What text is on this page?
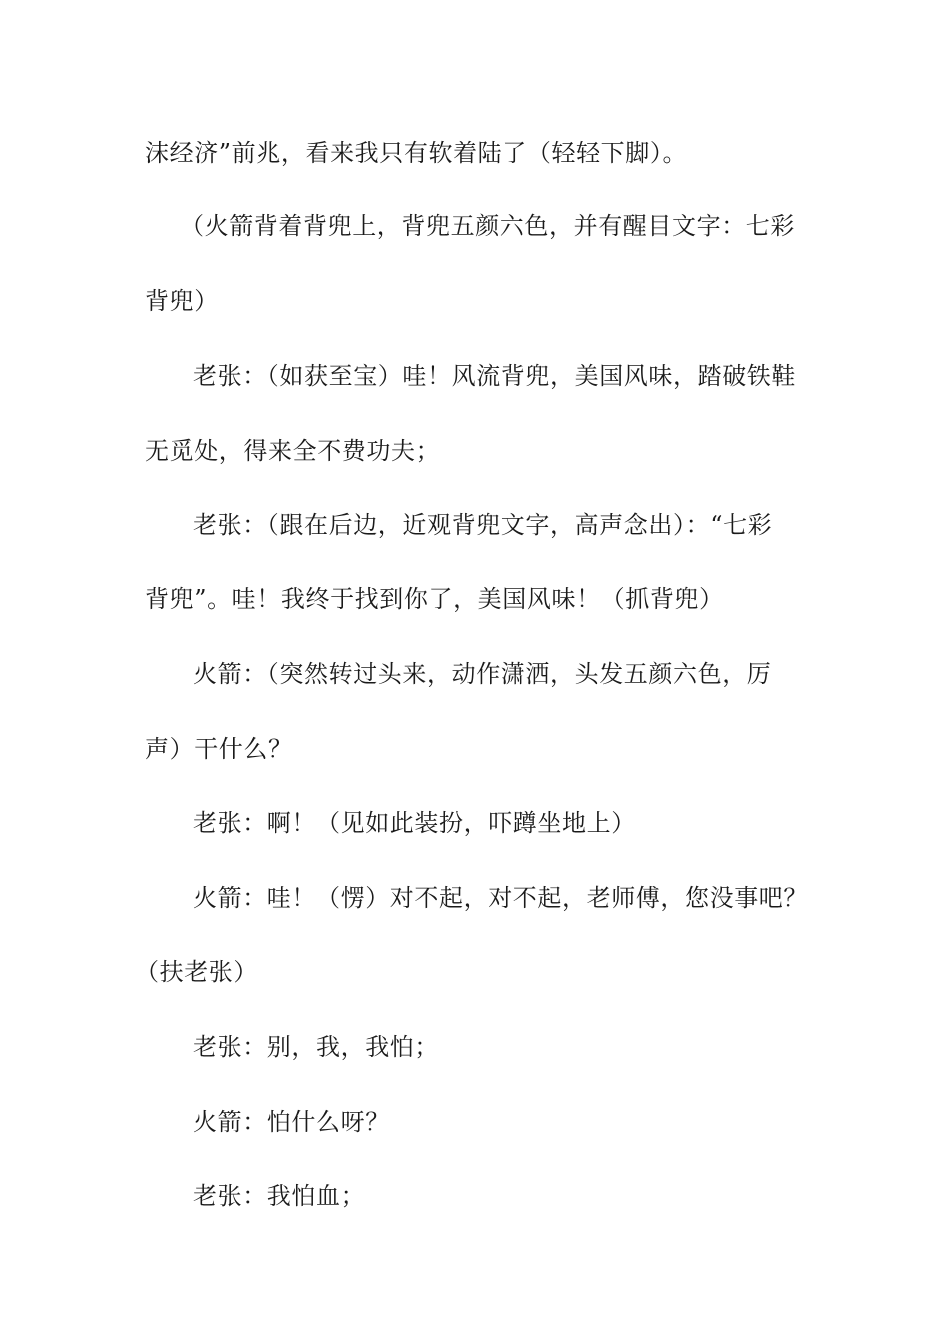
沫经济”前兆，看来我只有软着陆了（轻轻下脚）。
（火箭背着背兜上，背兜五颜六色，并有醒目文字：七彩
背兜）
老张：（如获至宝）哇！风流背兜，美国风味，踏破铁鞋
无觅处，得来全不费功夫；
老张：（跟在后边，近观背兜文字，高声念出）：“七彩
背兜”。哇！我终于找到你了，美国风味！（抓背兜）
火箭：（突然转过头来，动作潇洒，头发五颜六色，厉
声）干什么？
老张：啊！（见如此装扮，吓蹲坐地上）
火箭：哇！（愣）对不起，对不起，老师傅，您没事吧？
（扶老张）
老张：别，我，我怕；
火箭：怕什么呀？
老张：我怕血；
